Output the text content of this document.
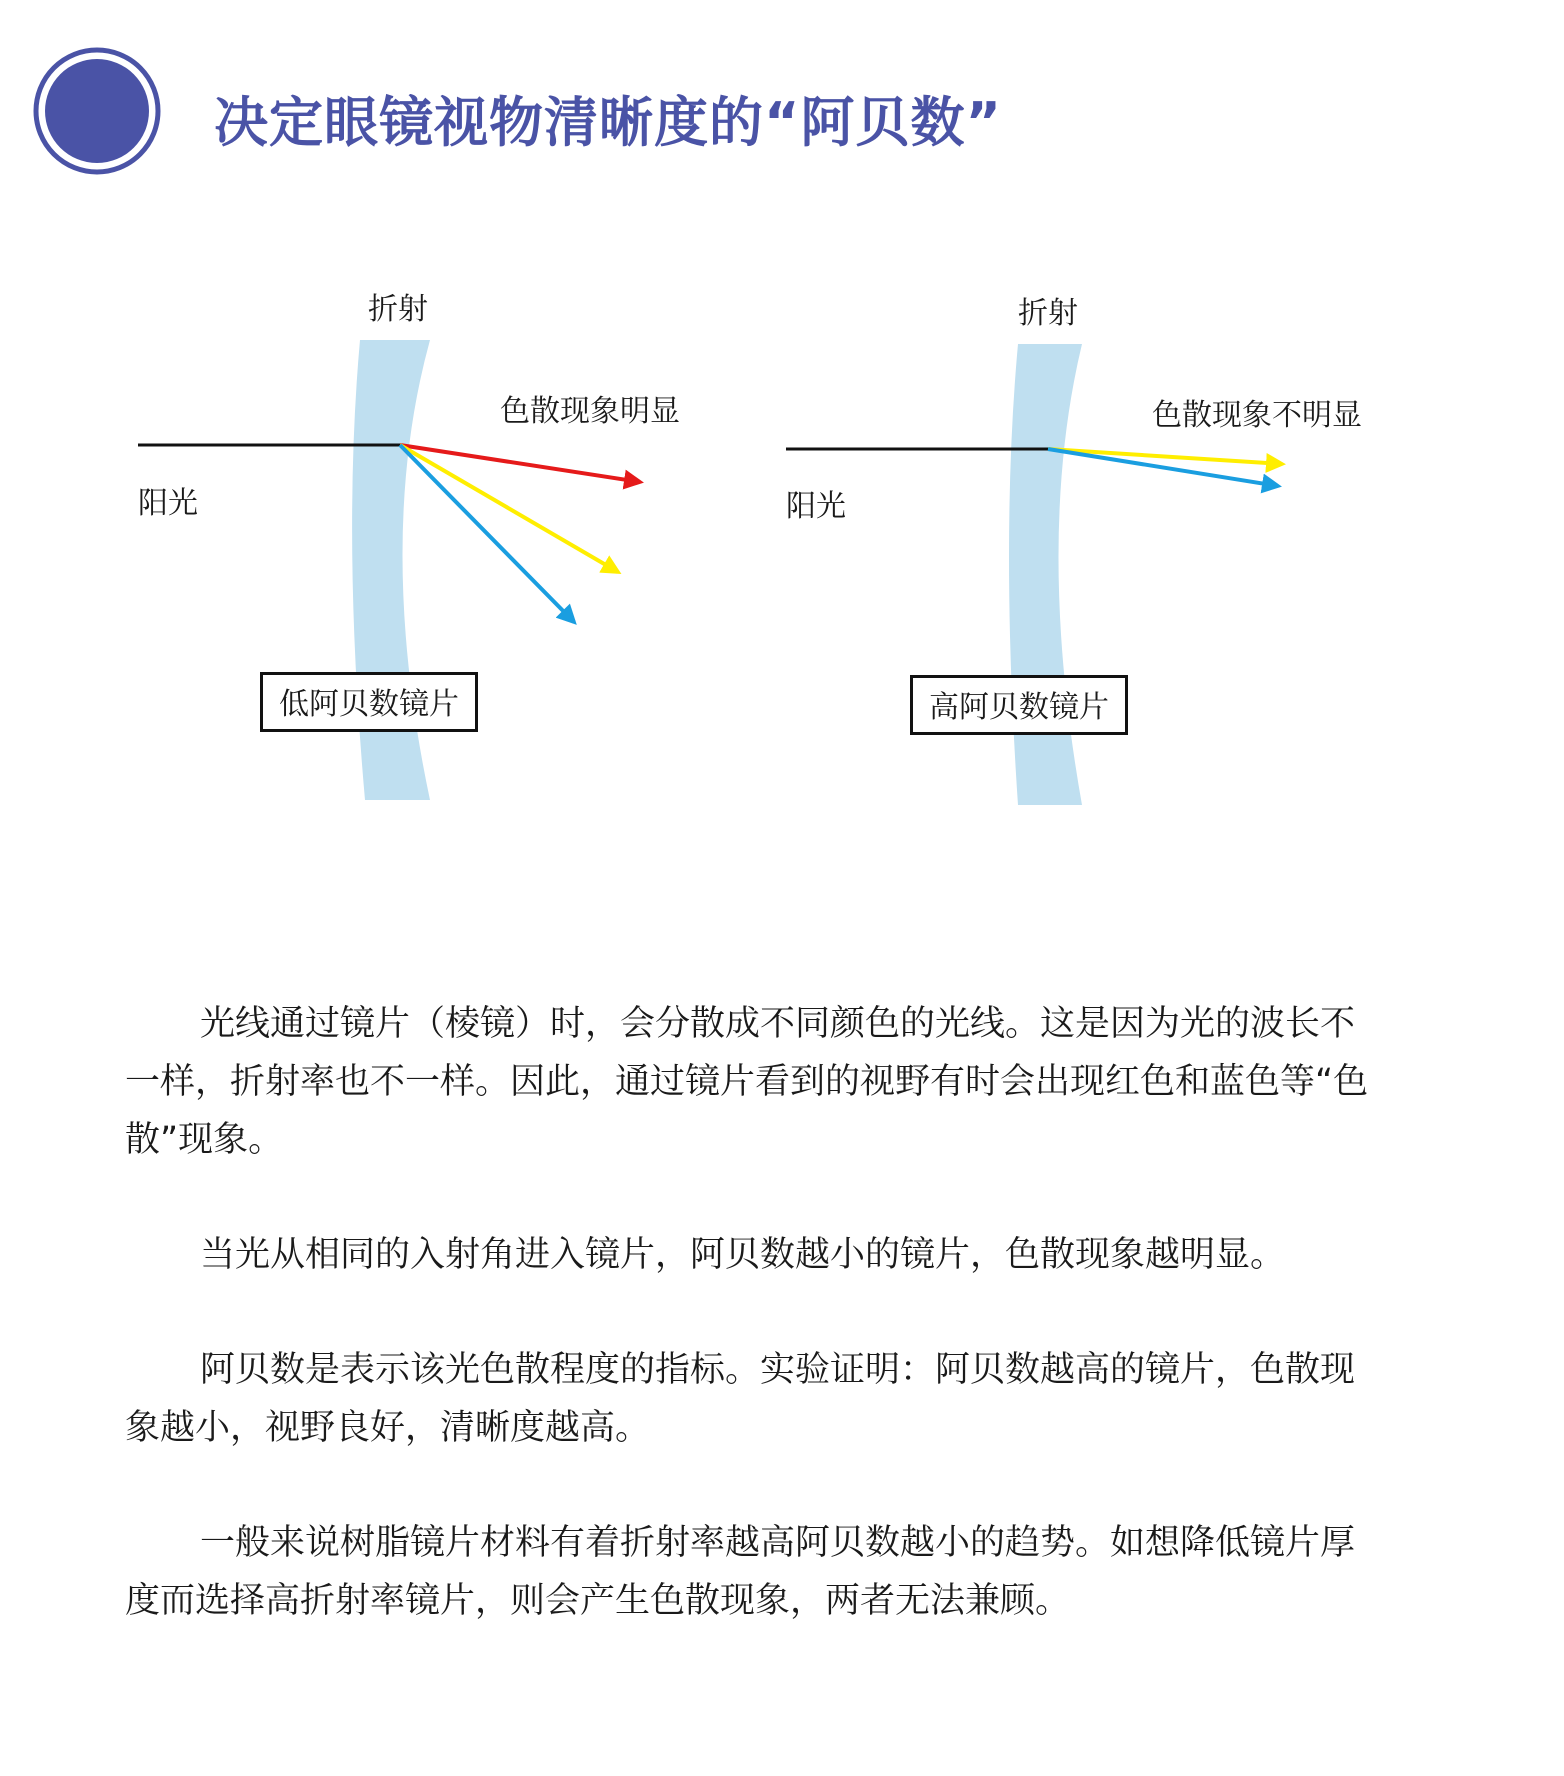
决定眼镜视物清晰度的“阿贝数”
折射
色散现象明显
阳光
低阿贝数镜片
折射
色散现象不明显
阳光
高阿贝数镜片

光线通过镜片（棱镜）时，会分散成不同颜色的光线。这是因为光的波长不一样，折射率也不一样。因此，通过镜片看到的视野有时会出现红色和蓝色等“色散”现象。

当光从相同的入射角进入镜片，阿贝数越小的镜片，色散现象越明显。

阿贝数是表示该光色散程度的指标。实验证明：阿贝数越高的镜片，色散现象越小，视野良好，清晰度越高。

一般来说树脂镜片材料有着折射率越高阿贝数越小的趋势。如想降低镜片厚度而选择高折射率镜片，则会产生色散现象，两者无法兼顾。
